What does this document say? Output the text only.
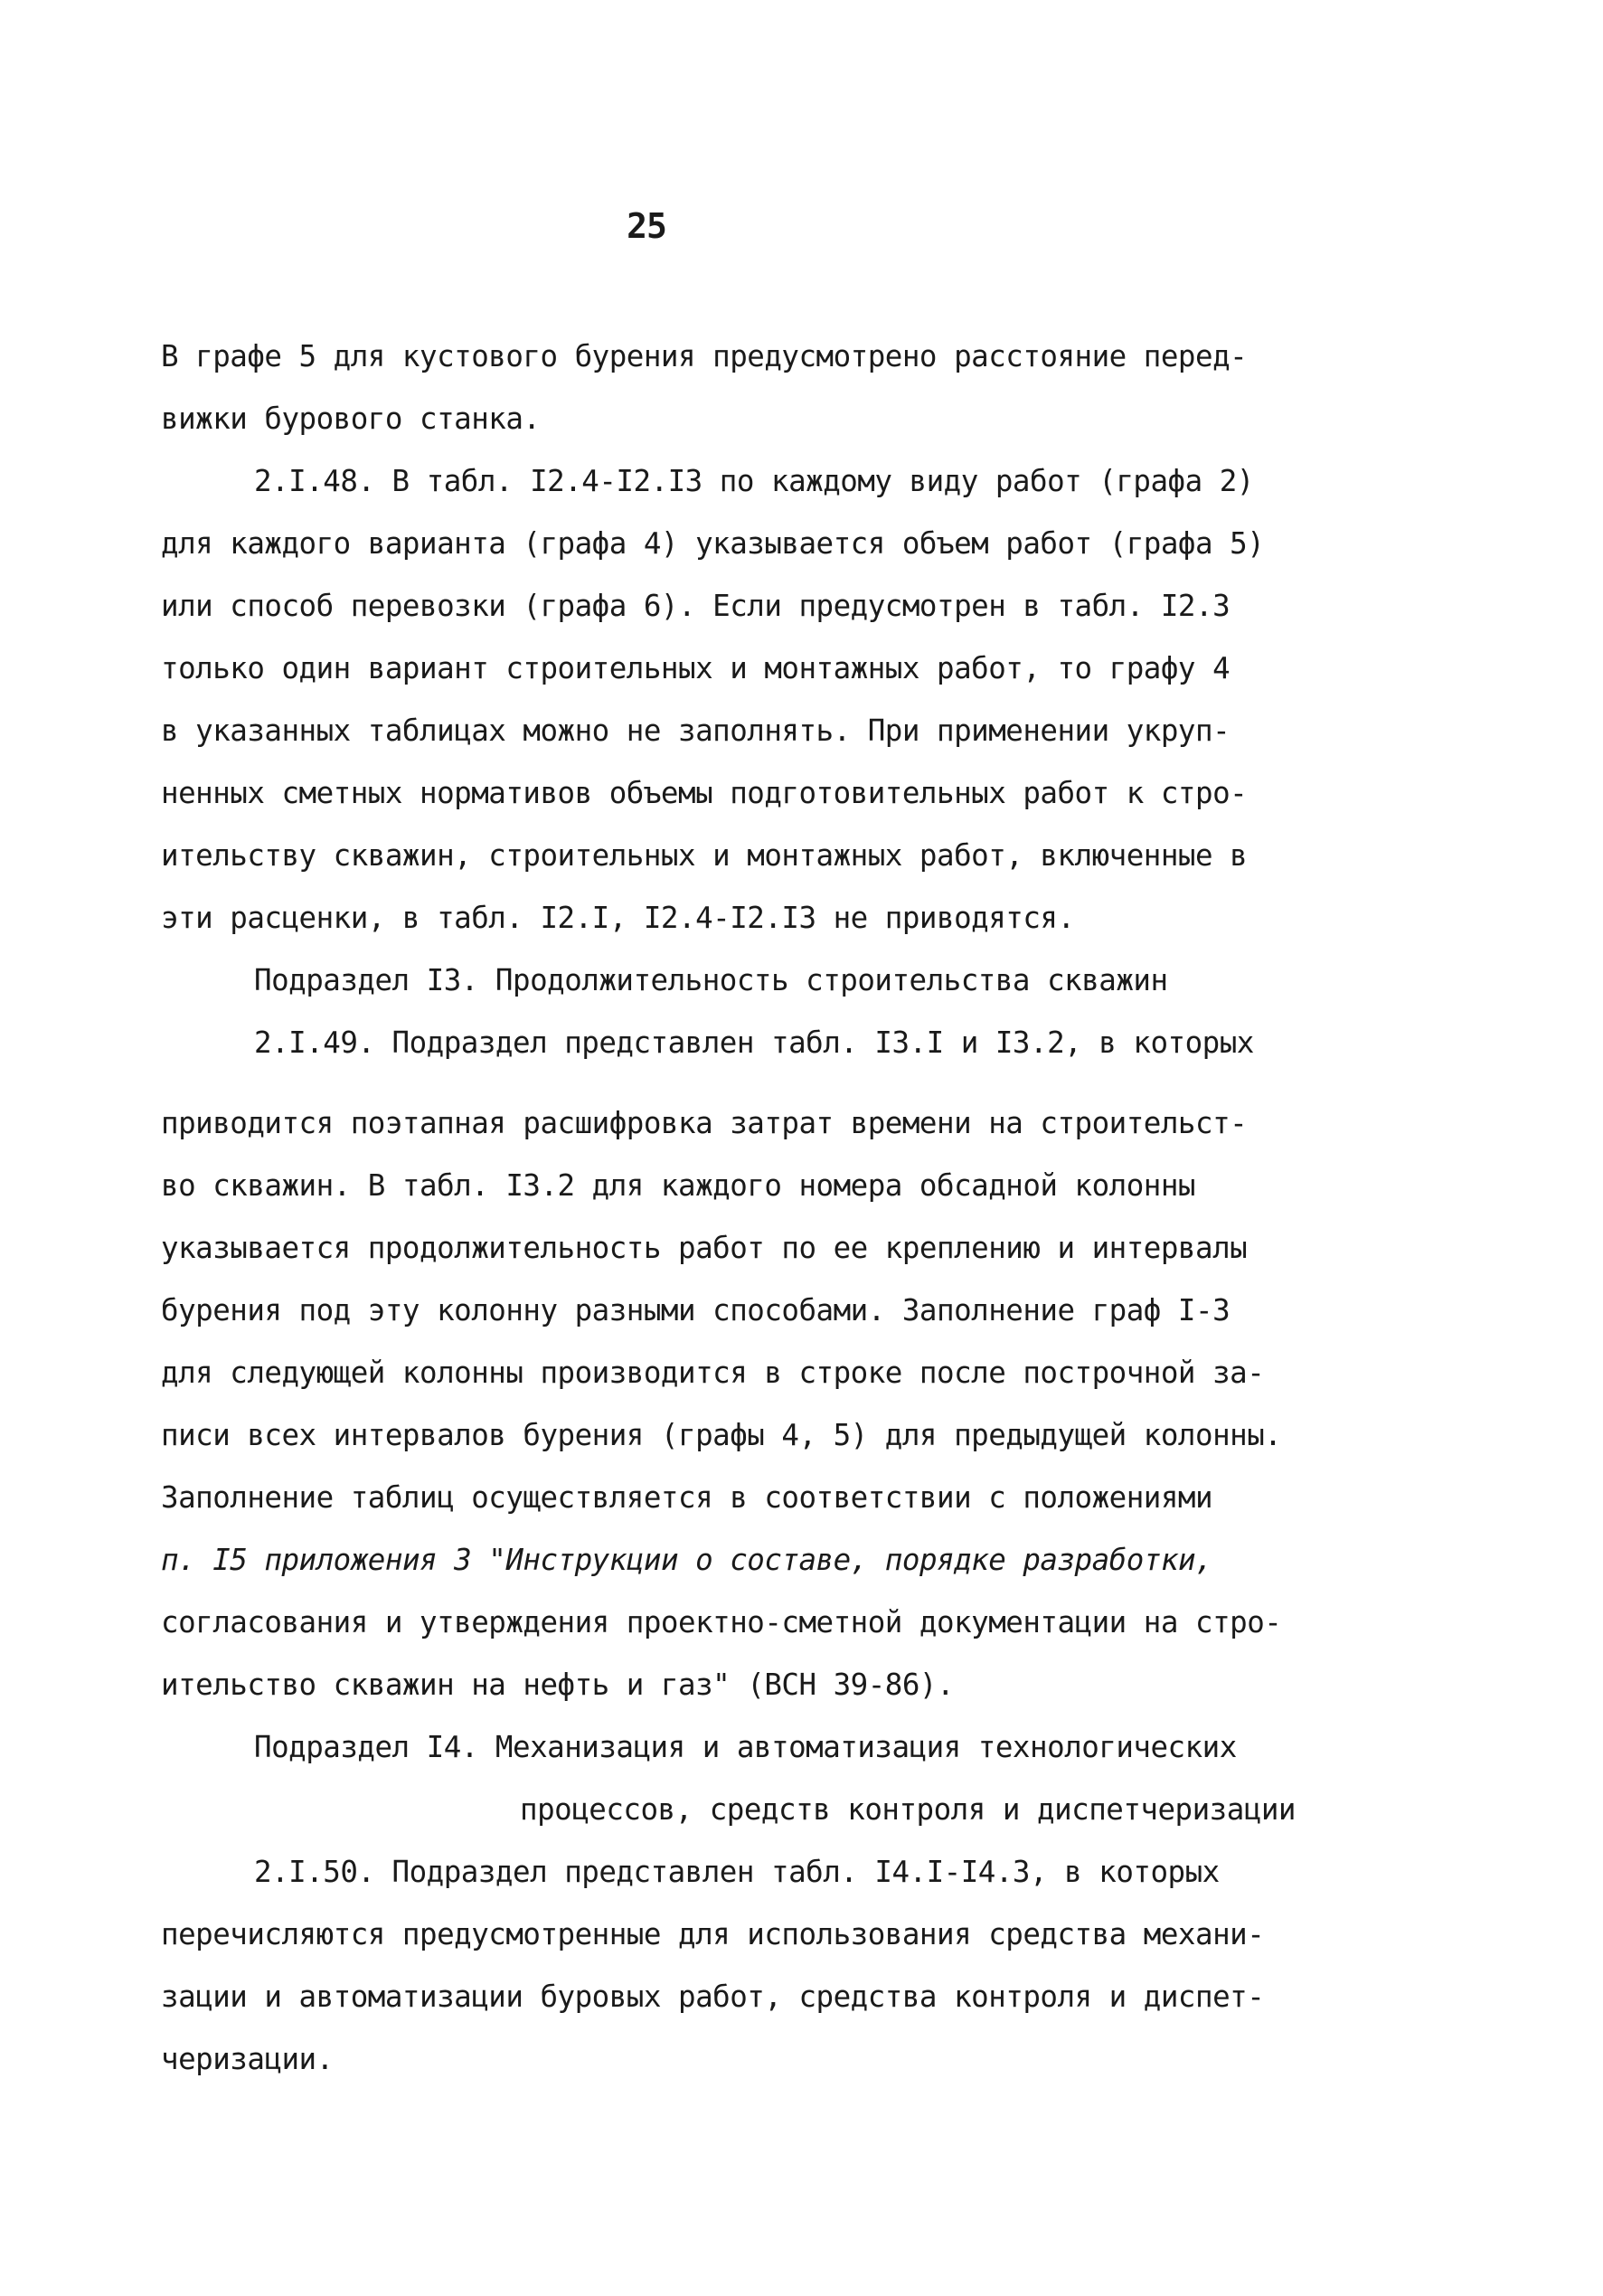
25
В графе 5 для кустового бурения предусмотрено расстояние перед-
вижки бурового станка.
2.I.48. В табл. I2.4-I2.I3 по каждому виду работ (графа 2)
для каждого варианта (графа 4) указывается объем работ (графа 5)
или способ перевозки (графа 6). Если предусмотрен в табл. I2.3
только один вариант строительных и монтажных работ, то графу 4
в указанных таблицах можно не заполнять. При применении укруп-
ненных сметных нормативов объемы подготовительных работ к стро-
ительству скважин, строительных и монтажных работ, включенные в
эти расценки, в табл. I2.I, I2.4-I2.I3 не приводятся.
Подраздел I3. Продолжительность строительства скважин
2.I.49. Подраздел представлен табл. I3.I и I3.2, в которых
приводится поэтапная расшифровка затрат времени на строительст-
во скважин. В табл. I3.2 для каждого номера обсадной колонны
указывается продолжительность работ по ее креплению и интервалы
бурения под эту колонну разными способами. Заполнение граф I-3
для следующей колонны производится в строке после построчной за-
писи всех интервалов бурения (графы 4, 5) для предыдущей колонны.
Заполнение таблиц осуществляется в соответствии с положениями
п. I5 приложения 3 "Инструкции о составе, порядке разработки,
согласования и утверждения проектно-сметной документации на стро-
ительство скважин на нефть и газ" (ВСН 39-86).
Подраздел I4. Механизация и автоматизация технологических
процессов, средств контроля и диспетчеризации
2.I.50. Подраздел представлен табл. I4.I-I4.3, в которых
перечисляются предусмотренные для использования средства механи-
зации и автоматизации буровых работ, средства контроля и диспет-
черизации.
